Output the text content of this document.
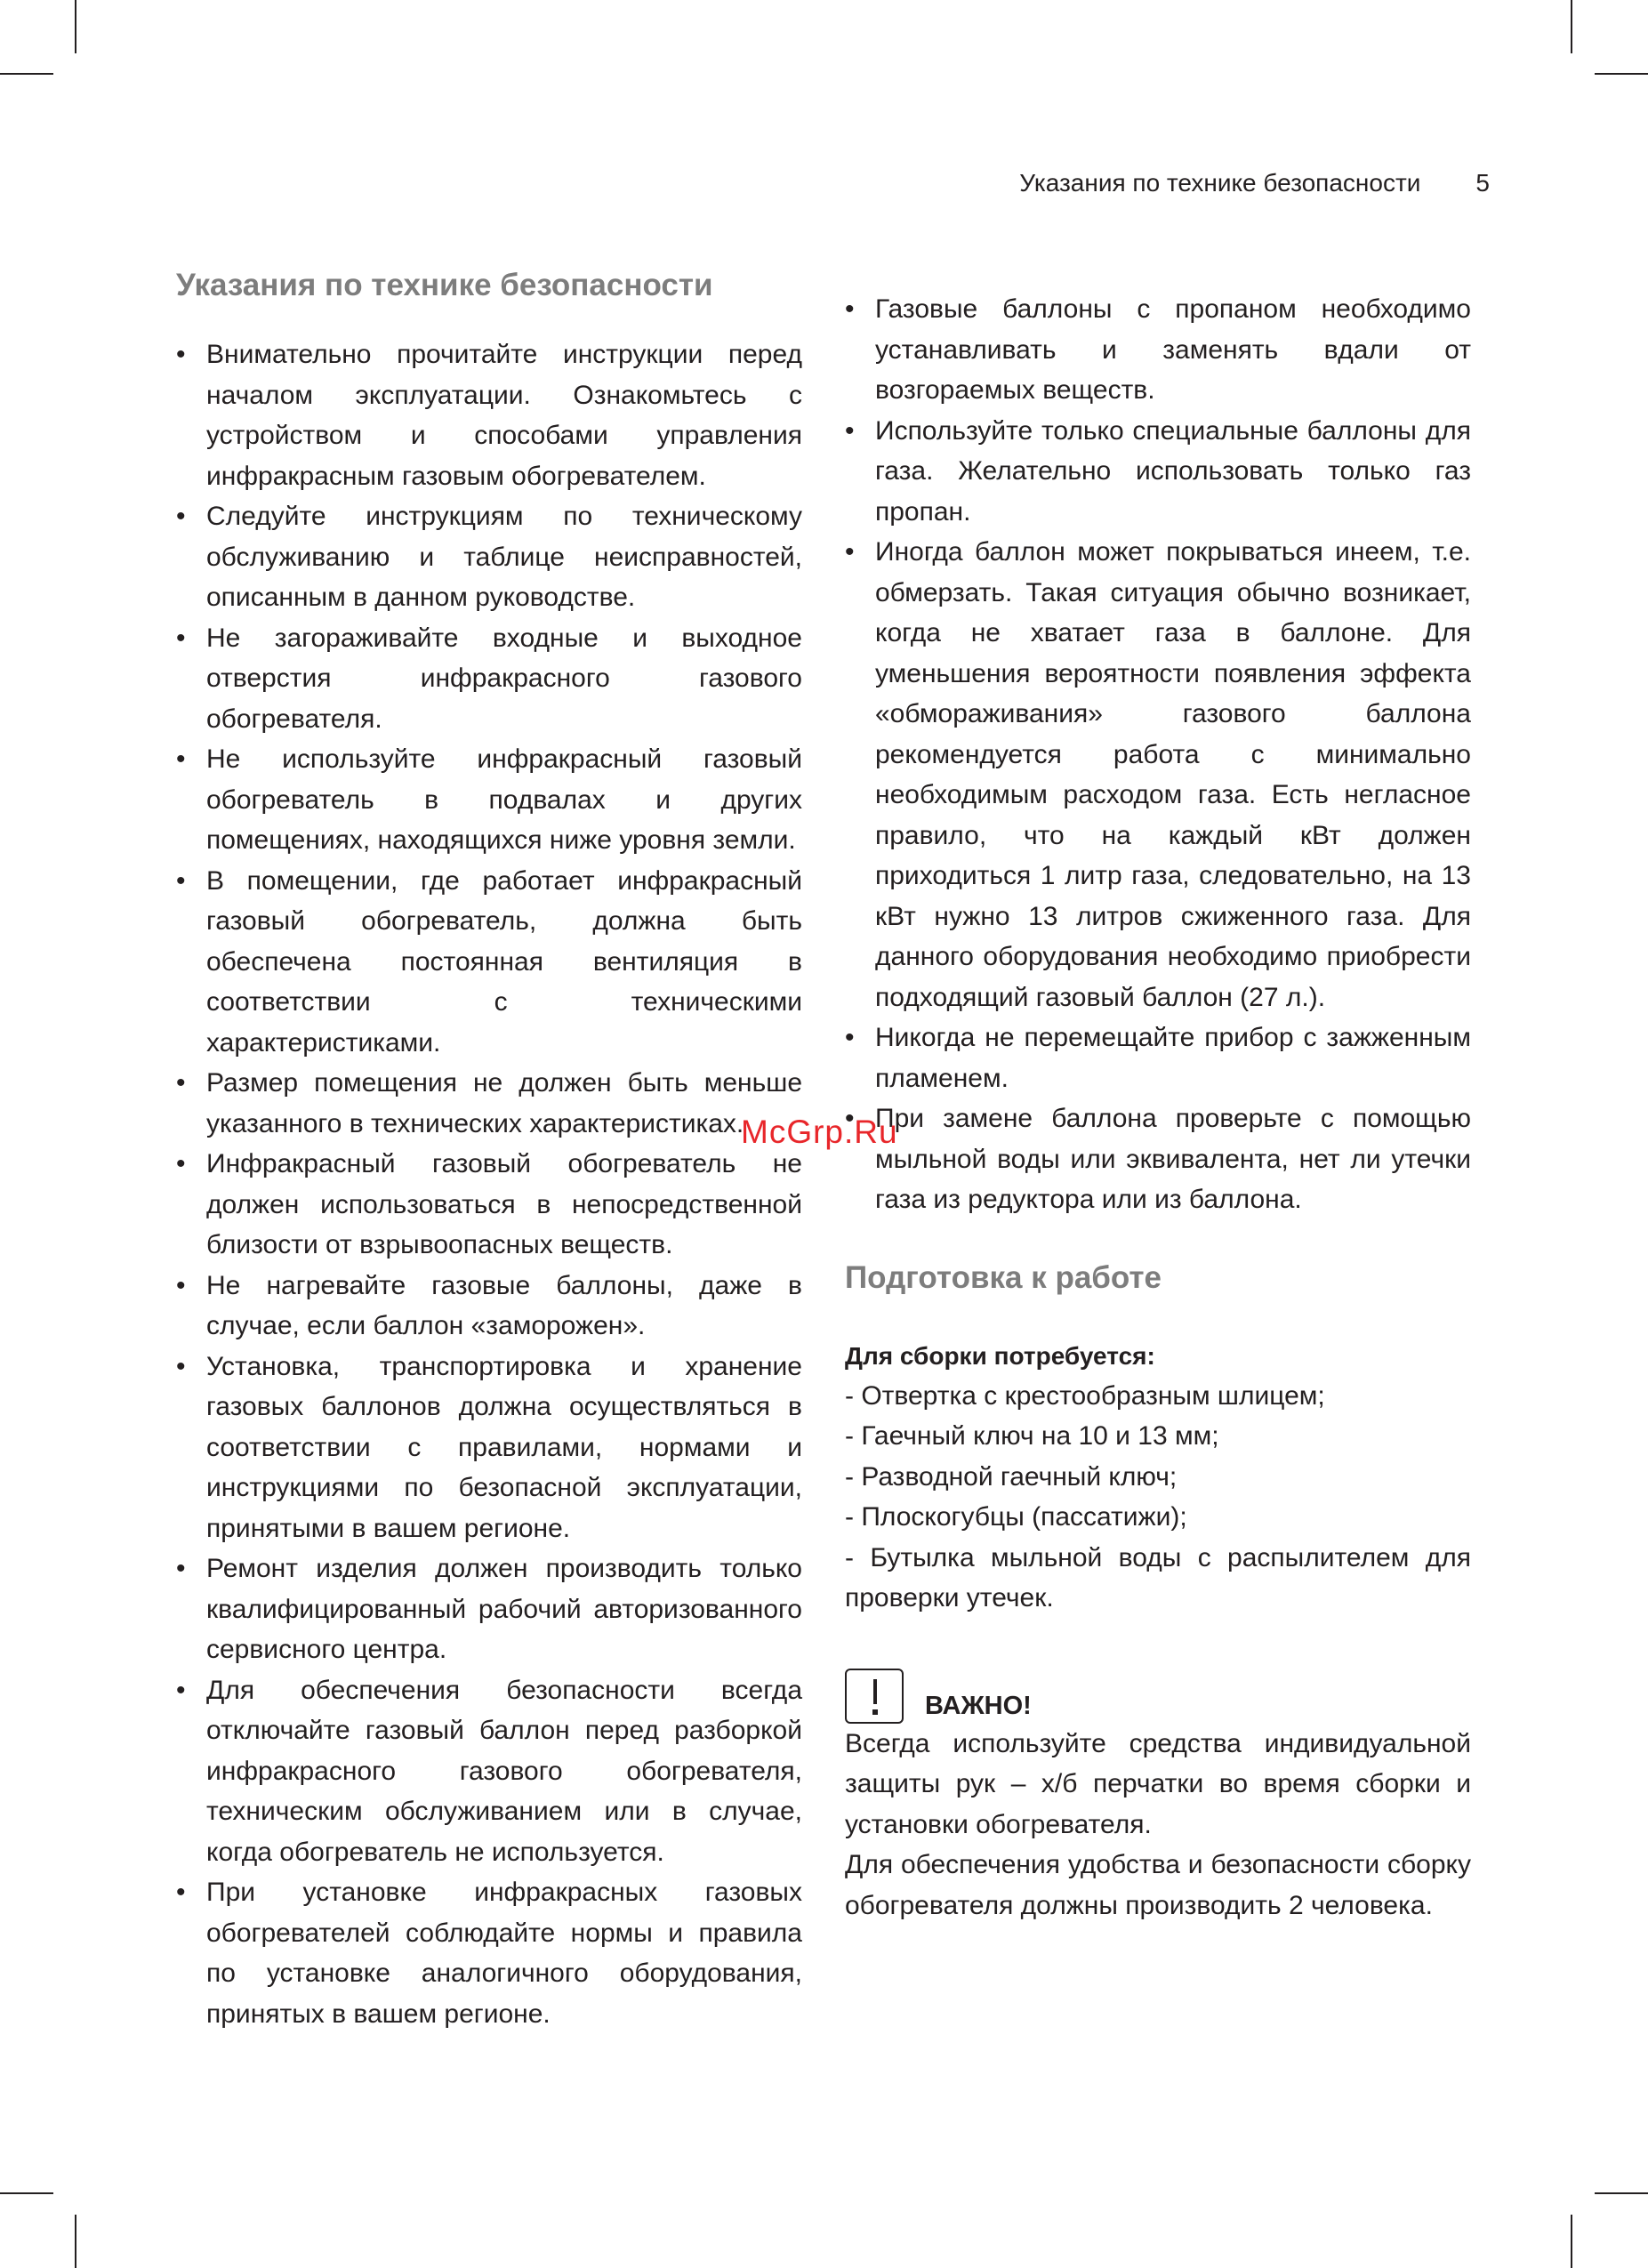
Указания по технике безопасности 5
Указания по технике безопасности
• Внимательно прочитайте инструкции перед началом эксплуатации. Ознакомьтесь с устройством и способами управления инфракрасным газовым обогревателем.
• Следуйте инструкциям по техническому обслуживанию и таблице неисправностей, описанным в данном руководстве.
• Не загораживайте входные и выходное отверстия инфракрасного газового обогревателя.
• Не используйте инфракрасный газовый обогреватель в подвалах и других помещениях, находящихся ниже уровня земли.
• В помещении, где работает инфракрасный газовый обогреватель, должна быть обеспечена постоянная вентиляция в соответствии с техническими характеристиками.
• Размер помещения не должен быть меньше указанного в технических характеристиках.
• Инфракрасный газовый обогреватель не должен использоваться в непосредственной близости от взрывоопасных веществ.
• Не нагревайте газовые баллоны, даже в случае, если баллон «заморожен».
• Установка, транспортировка и хранение газовых баллонов должна осуществляться в соответствии с правилами, нормами и инструкциями по безопасной эксплуатации, принятыми в вашем регионе.
• Ремонт изделия должен производить только квалифицированный рабочий авторизованного сервисного центра.
• Для обеспечения безопасности всегда отключайте газовый баллон перед разборкой инфракрасного газового обогревателя, техническим обслуживанием или в случае, когда обогреватель не используется.
• При установке инфракрасных газовых обогревателей соблюдайте нормы и правила по установке аналогичного оборудования, принятых в вашем регионе.
• Газовые баллоны с пропаном необходимо устанавливать и заменять вдали от возгораемых веществ.
• Используйте только специальные баллоны для газа. Желательно использовать только газ пропан.
• Иногда баллон может покрываться инеем, т.е. обмерзать. Такая ситуация обычно возникает, когда не хватает газа в баллоне. Для уменьшения вероятности появления эффекта «обмораживания» газового баллона рекомендуется работа с минимально необходимым расходом газа. Есть негласное правило, что на каждый кВт должен приходиться 1 литр газа, следовательно, на 13 кВт нужно 13 литров сжиженного газа. Для данного оборудования необходимо приобрести подходящий газовый баллон (27 л.).
• Никогда не перемещайте прибор с зажженным пламенем.
• При замене баллона проверьте с помощью мыльной воды или эквивалента, нет ли утечки газа из редуктора или из баллона.
Подготовка к работе
Для сборки потребуется:
- Отвертка с крестообразным шлицем;
- Гаечный ключ на 10 и 13 мм;
- Разводной гаечный ключ;
- Плоскогубцы (пассатижи);
- Бутылка мыльной воды с распылителем для проверки утечек.
ВАЖНО!

Всегда используйте средства индивидуальной защиты рук – х/б перчатки во время сборки и установки обогревателя.

Для обеспечения удобства и безопасности сборку обогревателя должны производить 2 человека.

McGrp.Ru
